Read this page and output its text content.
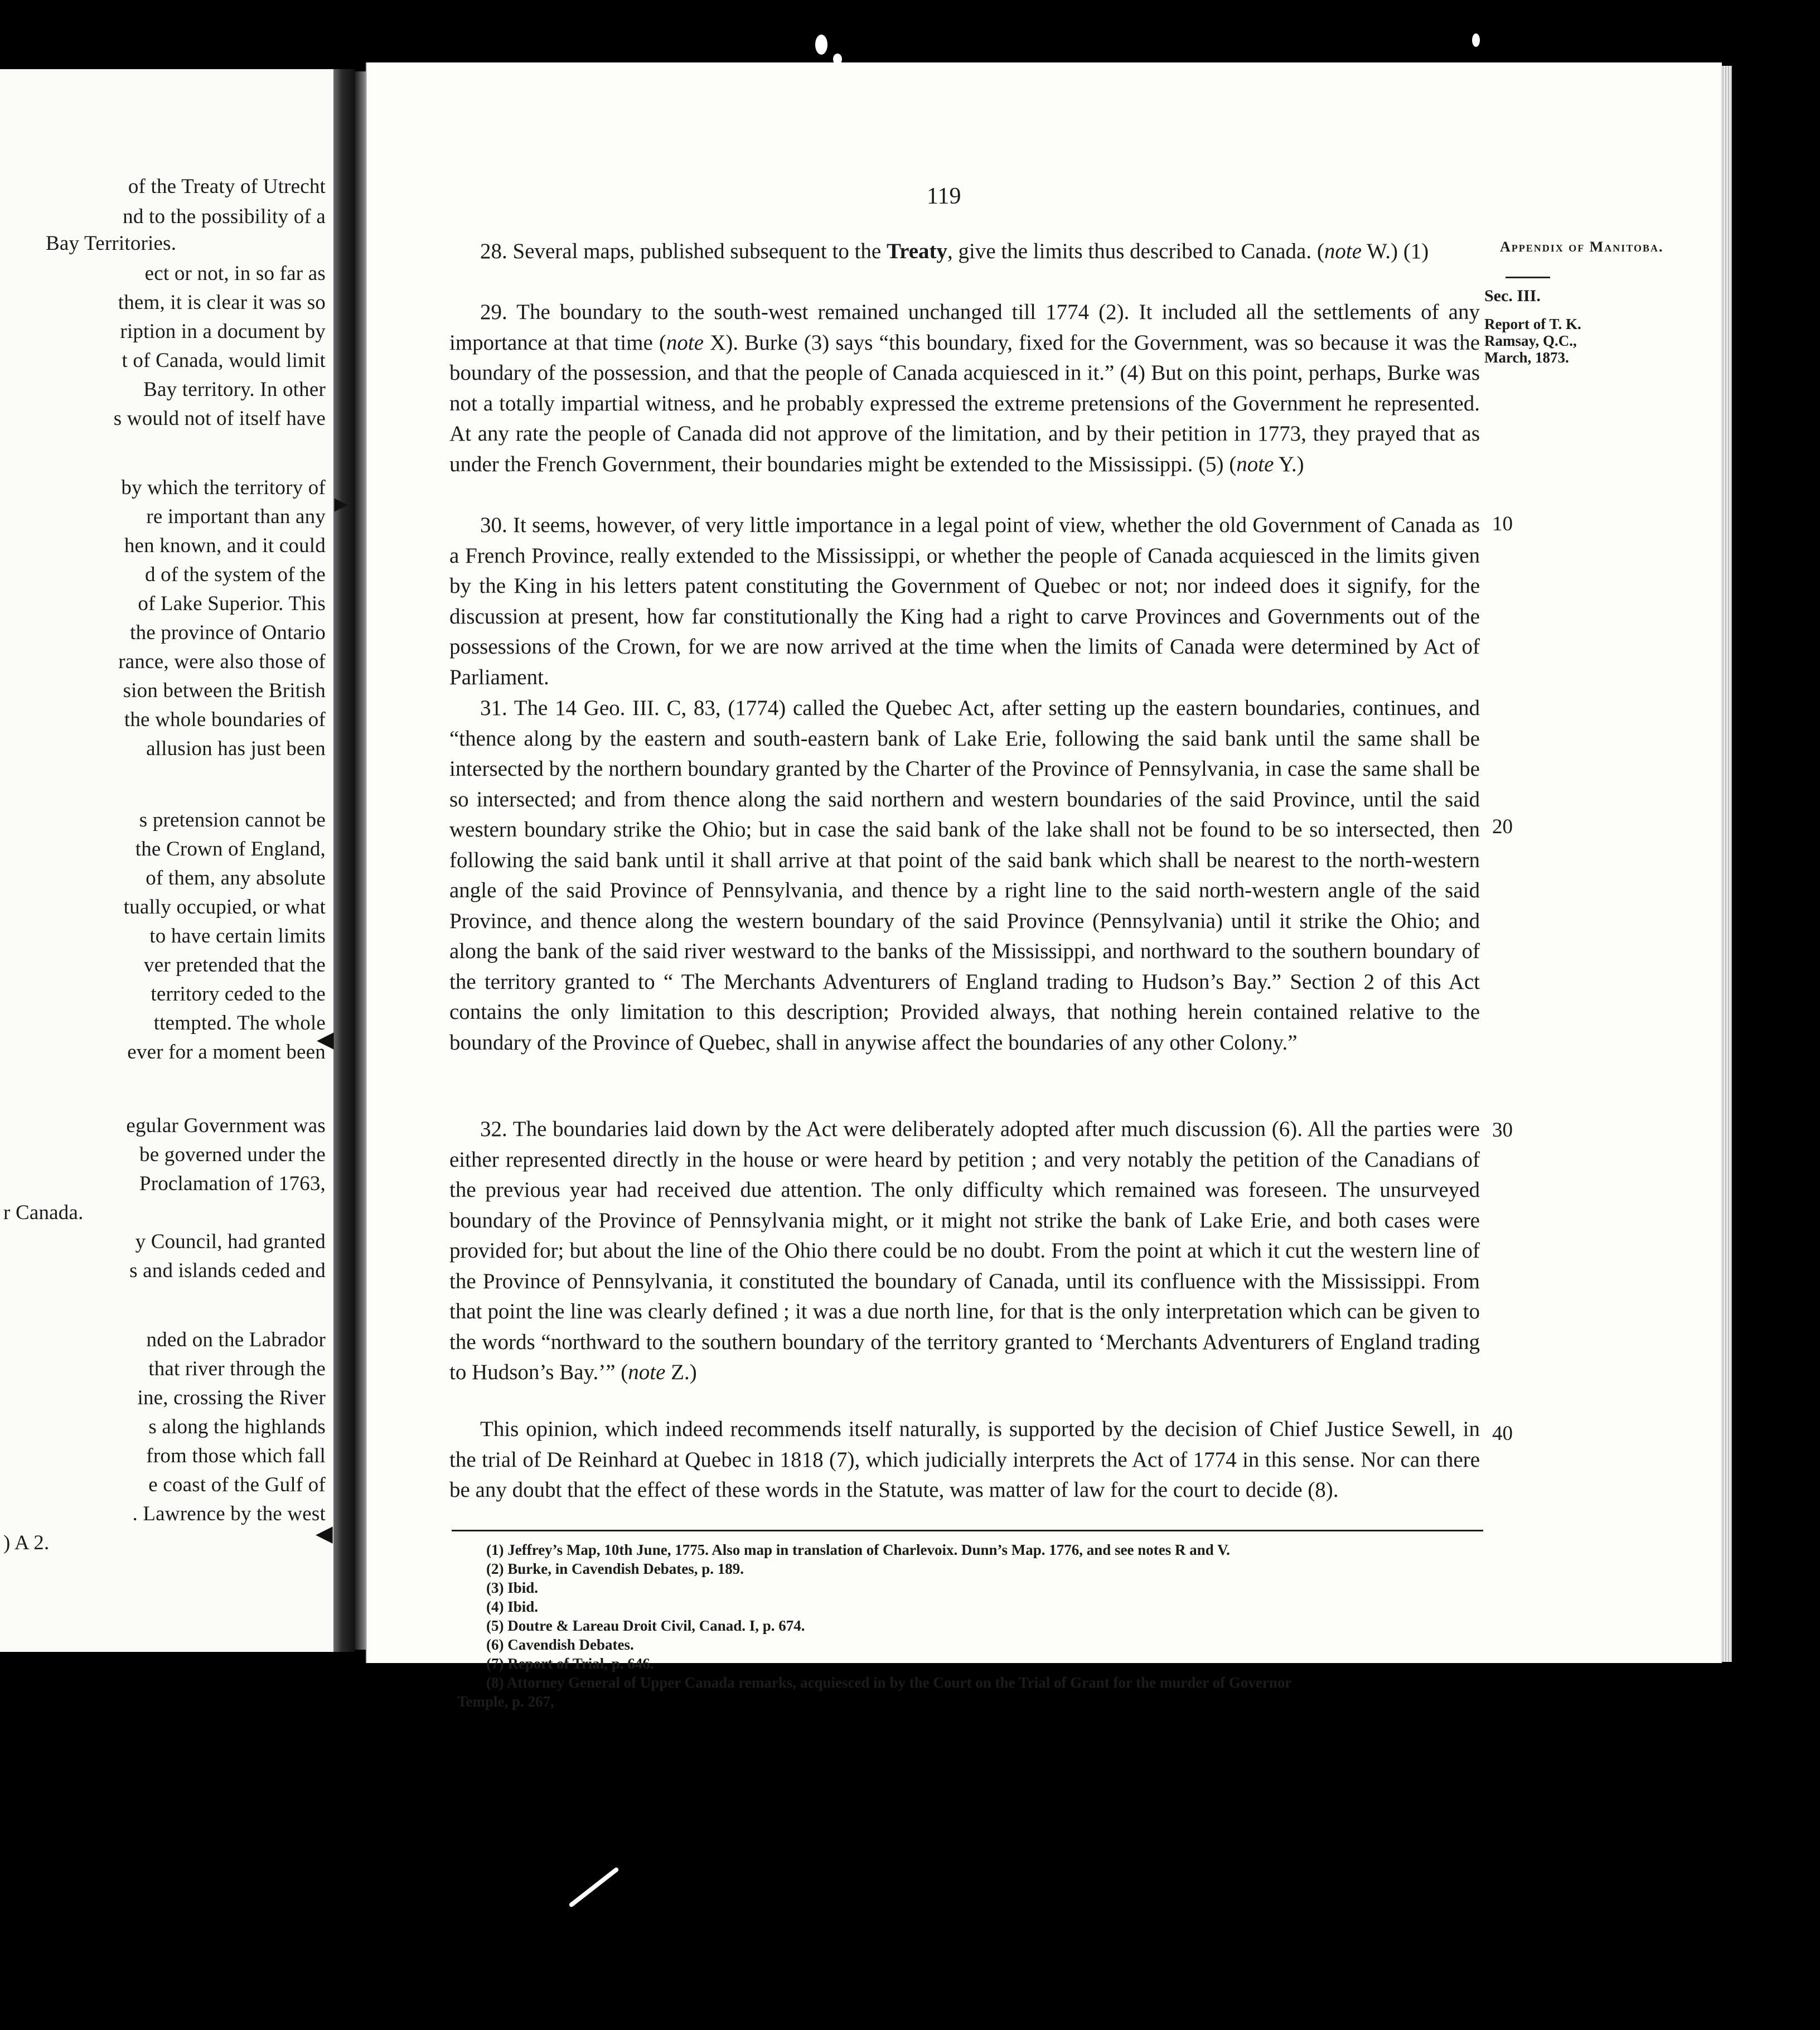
of the Treaty of Utrecht
nd to the possibility of a
Bay Territories.
ect or not, in so far as
them, it is clear it was so
ription in a document by
t of Canada, would limit
Bay territory. In other
s would not of itself have
by which the territory of
re important than any
hen known, and it could
d of the system of the
of Lake Superior. This
the province of Ontario
rance, were also those of
sion between the British
the whole boundaries of
allusion has just been
s pretension cannot be
the Crown of England,
of them, any absolute
tually occupied, or what
to have certain limits
ver pretended that the
territory ceded to the
ttempted. The whole
ever for a moment been
egular Government was
be governed under the
Proclamation of 1763,
r Canada.
y Council, had granted
s and islands ceded and
nded on the Labrador
that river through the
ine, crossing the River
s along the highlands
from those which fall
e coast of the Gulf of
. Lawrence by the west
) A 2.
119
Appendix of Manitoba.
Sec. III.
Report of T. K. Ramsay, Q.C., March, 1873.

28. Several maps, published subsequent to the Treaty, give the limits thus described to Canada. (note W.) (1)

29. The boundary to the south-west remained unchanged till 1774 (2). It included all the settlements of any importance at that time (note X). Burke (3) says “this boundary, fixed for the Government, was so because it was the boundary of the possession, and that the people of Canada acquiesced in it.” (4) But on this point, perhaps, Burke was not a totally impartial witness, and he probably expressed the extreme pretensions of the Government he represented. At any rate the people of Canada did not approve of the limitation, and by their petition in 1773, they prayed that as under the French Government, their boundaries might be extended to the Mississippi. (5) (note Y.)

30. It seems, however, of very little importance in a legal point of view, whether the old Government of Canada as a French Province, really extended to the Mississippi, or whether the people of Canada acquiesced in the limits given by the King in his letters patent constituting the Government of Quebec or not; nor indeed does it signify, for the discussion at present, how far constitutionally the King had a right to carve Provinces and Governments out of the possessions of the Crown, for we are now arrived at the time when the limits of Canada were determined by Act of Parliament.

31. The 14 Geo. III. C, 83, (1774) called the Quebec Act, after setting up the eastern boundaries, continues, and “thence along by the eastern and south-eastern bank of Lake Erie, following the said bank until the same shall be intersected by the northern boundary granted by the Charter of the Province of Pennsylvania, in case the same shall be so intersected; and from thence along the said northern and western boundaries of the said Province, until the said western boundary strike the Ohio; but in case the said bank of the lake shall not be found to be so intersected, then following the said bank until it shall arrive at that point of the said bank which shall be nearest to the north-western angle of the said Province of Pennsylvania, and thence by a right line to the said north-western angle of the said Province, and thence along the western boundary of the said Province (Pennsylvania) until it strike the Ohio; and along the bank of the said river westward to the banks of the Mississippi, and northward to the southern boundary of the territory granted to “ The Merchants Adventurers of England trading to Hudson’s Bay.” Section 2 of this Act contains the only limitation to this description; Provided always, that nothing herein contained relative to the boundary of the Province of Quebec, shall in anywise affect the boundaries of any other Colony.”

32. The boundaries laid down by the Act were deliberately adopted after much discussion (6). All the parties were either represented directly in the house or were heard by petition ; and very notably the petition of the Canadians of the previous year had received due attention. The only difficulty which remained was foreseen. The unsurveyed boundary of the Province of Pennsylvania might, or it might not strike the bank of Lake Erie, and both cases were provided for; but about the line of the Ohio there could be no doubt. From the point at which it cut the western line of the Province of Pennsylvania, it constituted the boundary of Canada, until its confluence with the Mississippi. From that point the line was clearly defined ; it was a due north line, for that is the only interpretation which can be given to the words “northward to the southern boundary of the territory granted to ‘Merchants Adventurers of England trading to Hudson’s Bay.’” (note Z.)

This opinion, which indeed recommends itself naturally, is supported by the decision of Chief Justice Sewell, in the trial of De Reinhard at Quebec in 1818 (7), which judicially interprets the Act of 1774 in this sense. Nor can there be any doubt that the effect of these words in the Statute, was matter of law for the court to decide (8).

10
20
30
40
(1) Jeffrey’s Map, 10th June, 1775. Also map in translation of Charlevoix. Dunn’s Map. 1776, and see notes R and V.
(2) Burke, in Cavendish Debates, p. 189.
(3) Ibid.
(4) Ibid.
(5) Doutre & Lareau Droit Civil, Canad. I, p. 674.
(6) Cavendish Debates.
(7) Report of Trial, p. 646.
(8) Attorney General of Upper Canada remarks, acquiesced in by the Court on the Trial of Grant for the murder of Governor
Temple, p. 267,
►
◀
◀
